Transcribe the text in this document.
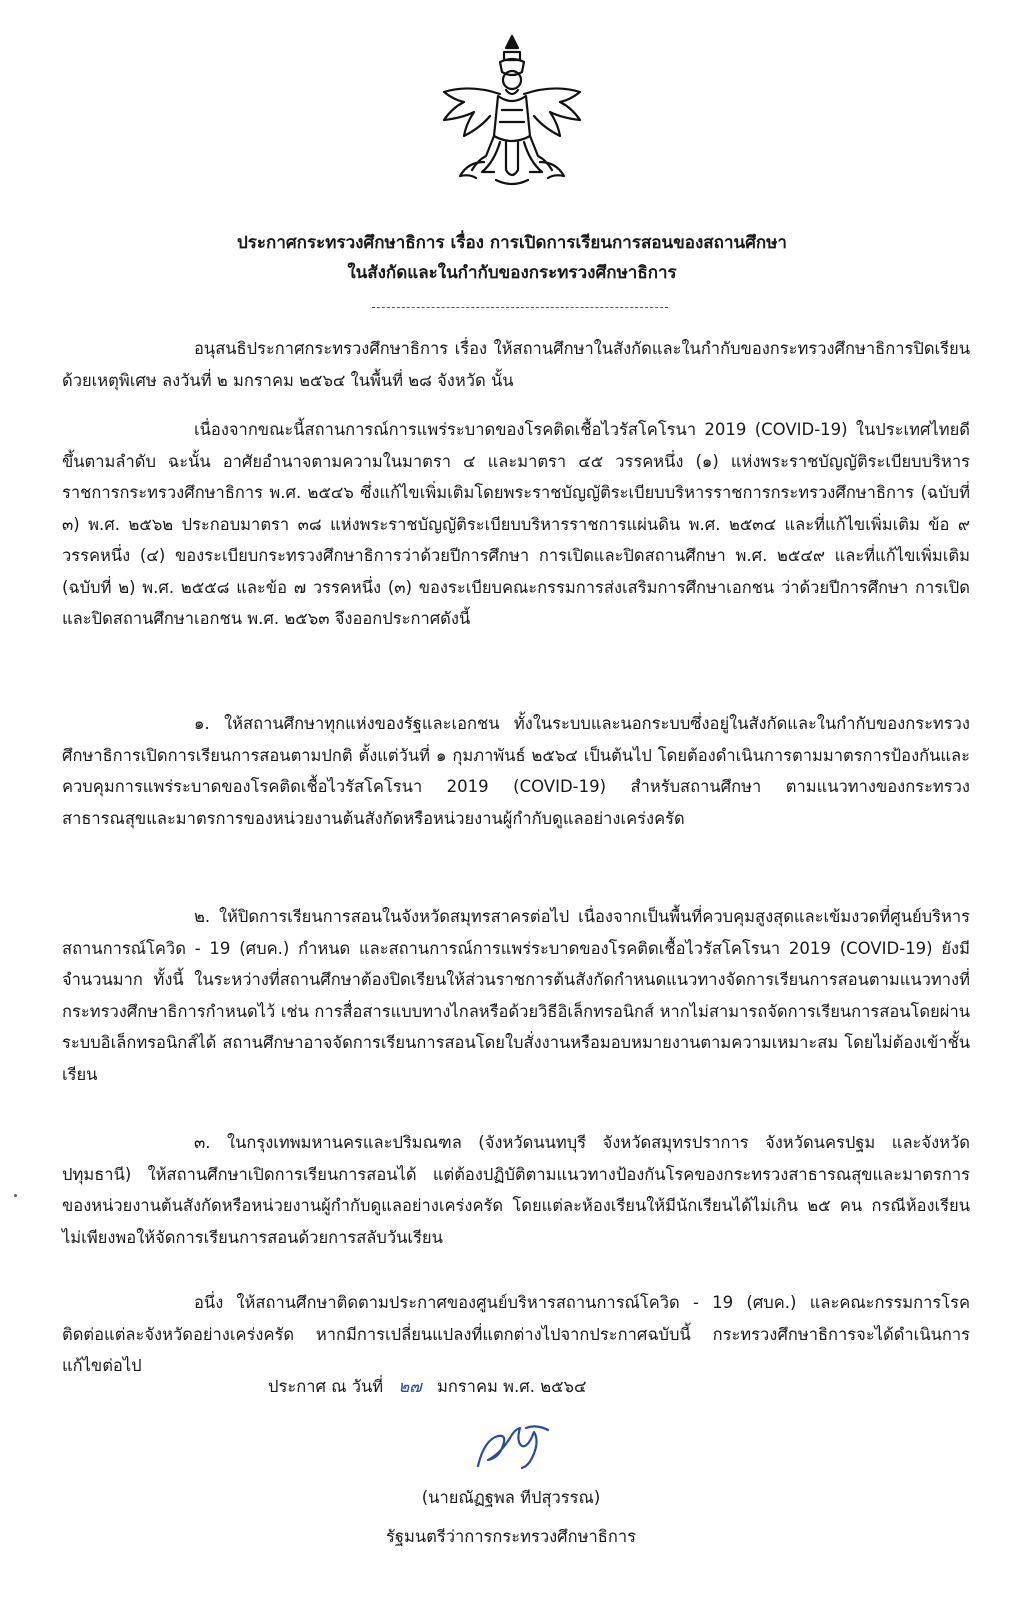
ประกาศกระทรวงศึกษาธิการ เรื่อง การเปิดการเรียนการสอนของสถานศึกษา
ในสังกัดและในกำกับของกระทรวงศึกษาธิการ

อนุสนธิประกาศกระทรวงศึกษาธิการ เรื่อง ให้สถานศึกษาในสังกัดและในกำกับของกระทรวงศึกษาธิการปิดเรียนด้วยเหตุพิเศษ ลงวันที่ ๒ มกราคม ๒๕๖๔ ในพื้นที่ ๒๘ จังหวัด นั้น

เนื่องจากขณะนี้สถานการณ์การแพร่ระบาดของโรคติดเชื้อไวรัสโคโรนา 2019 (COVID-19) ในประเทศไทยดีขึ้นตามลำดับ ฉะนั้น อาศัยอำนาจตามความในมาตรา ๔ และมาตรา ๔๕ วรรคหนึ่ง (๑) แห่งพระราชบัญญัติระเบียบบริหารราชการกระทรวงศึกษาธิการ พ.ศ. ๒๕๔๖ ซึ่งแก้ไขเพิ่มเติมโดยพระราชบัญญัติระเบียบบริหารราชการกระทรวงศึกษาธิการ (ฉบับที่ ๓) พ.ศ. ๒๕๖๒ ประกอบมาตรา ๓๘ แห่งพระราชบัญญัติระเบียบบริหารราชการแผ่นดิน พ.ศ. ๒๕๓๔ และที่แก้ไขเพิ่มเติม ข้อ ๙ วรรคหนึ่ง (๔) ของระเบียบกระทรวงศึกษาธิการว่าด้วยปีการศึกษา การเปิดและปิดสถานศึกษา พ.ศ. ๒๕๔๙ และที่แก้ไขเพิ่มเติม (ฉบับที่ ๒) พ.ศ. ๒๕๕๘ และข้อ ๗ วรรคหนึ่ง (๓) ของระเบียบคณะกรรมการส่งเสริมการศึกษาเอกชน ว่าด้วยปีการศึกษา การเปิดและปิดสถานศึกษาเอกชน พ.ศ. ๒๕๖๓ จึงออกประกาศดังนี้

๑. ให้สถานศึกษาทุกแห่งของรัฐและเอกชน ทั้งในระบบและนอกระบบซึ่งอยู่ในสังกัดและในกำกับของกระทรวงศึกษาธิการเปิดการเรียนการสอนตามปกติ ตั้งแต่วันที่ ๑ กุมภาพันธ์ ๒๕๖๔ เป็นต้นไป โดยต้องดำเนินการตามมาตรการป้องกันและควบคุมการแพร่ระบาดของโรคติดเชื้อไวรัสโคโรนา 2019 (COVID-19) สำหรับสถานศึกษา ตามแนวทางของกระทรวงสาธารณสุขและมาตรการของหน่วยงานต้นสังกัดหรือหน่วยงานผู้กำกับดูแลอย่างเคร่งครัด

๒. ให้ปิดการเรียนการสอนในจังหวัดสมุทรสาครต่อไป เนื่องจากเป็นพื้นที่ควบคุมสูงสุดและเข้มงวดที่ศูนย์บริหารสถานการณ์โควิด - 19 (ศบค.) กำหนด และสถานการณ์การแพร่ระบาดของโรคติดเชื้อไวรัสโคโรนา 2019 (COVID-19) ยังมีจำนวนมาก ทั้งนี้ ในระหว่างที่สถานศึกษาต้องปิดเรียนให้ส่วนราชการต้นสังกัดกำหนดแนวทางจัดการเรียนการสอนตามแนวทางที่กระทรวงศึกษาธิการกำหนดไว้ เช่น การสื่อสารแบบทางไกลหรือด้วยวิธีอิเล็กทรอนิกส์ หากไม่สามารถจัดการเรียนการสอนโดยผ่านระบบอิเล็กทรอนิกส์ได้ สถานศึกษาอาจจัดการเรียนการสอนโดยใบสั่งงานหรือมอบหมายงานตามความเหมาะสม โดยไม่ต้องเข้าชั้นเรียน

๓. ในกรุงเทพมหานครและปริมณฑล (จังหวัดนนทบุรี จังหวัดสมุทรปราการ จังหวัดนครปฐม และจังหวัดปทุมธานี) ให้สถานศึกษาเปิดการเรียนการสอนได้ แต่ต้องปฏิบัติตามแนวทางป้องกันโรคของกระทรวงสาธารณสุขและมาตรการของหน่วยงานต้นสังกัดหรือหน่วยงานผู้กำกับดูแลอย่างเคร่งครัด โดยแต่ละห้องเรียนให้มีนักเรียนได้ไม่เกิน ๒๕ คน กรณีห้องเรียนไม่เพียงพอให้จัดการเรียนการสอนด้วยการสลับวันเรียน

อนึ่ง ให้สถานศึกษาติดตามประกาศของศูนย์บริหารสถานการณ์โควิด - 19 (ศบค.) และคณะกรรมการโรคติดต่อแต่ละจังหวัดอย่างเคร่งครัด หากมีการเปลี่ยนแปลงที่แตกต่างไปจากประกาศฉบับนี้ กระทรวงศึกษาธิการจะได้ดำเนินการแก้ไขต่อไป

ประกาศ ณ วันที่ ๒๗ มกราคม พ.ศ. ๒๕๖๔
(นายณัฏฐพล ทีปสุวรรณ)
รัฐมนตรีว่าการกระทรวงศึกษาธิการ
